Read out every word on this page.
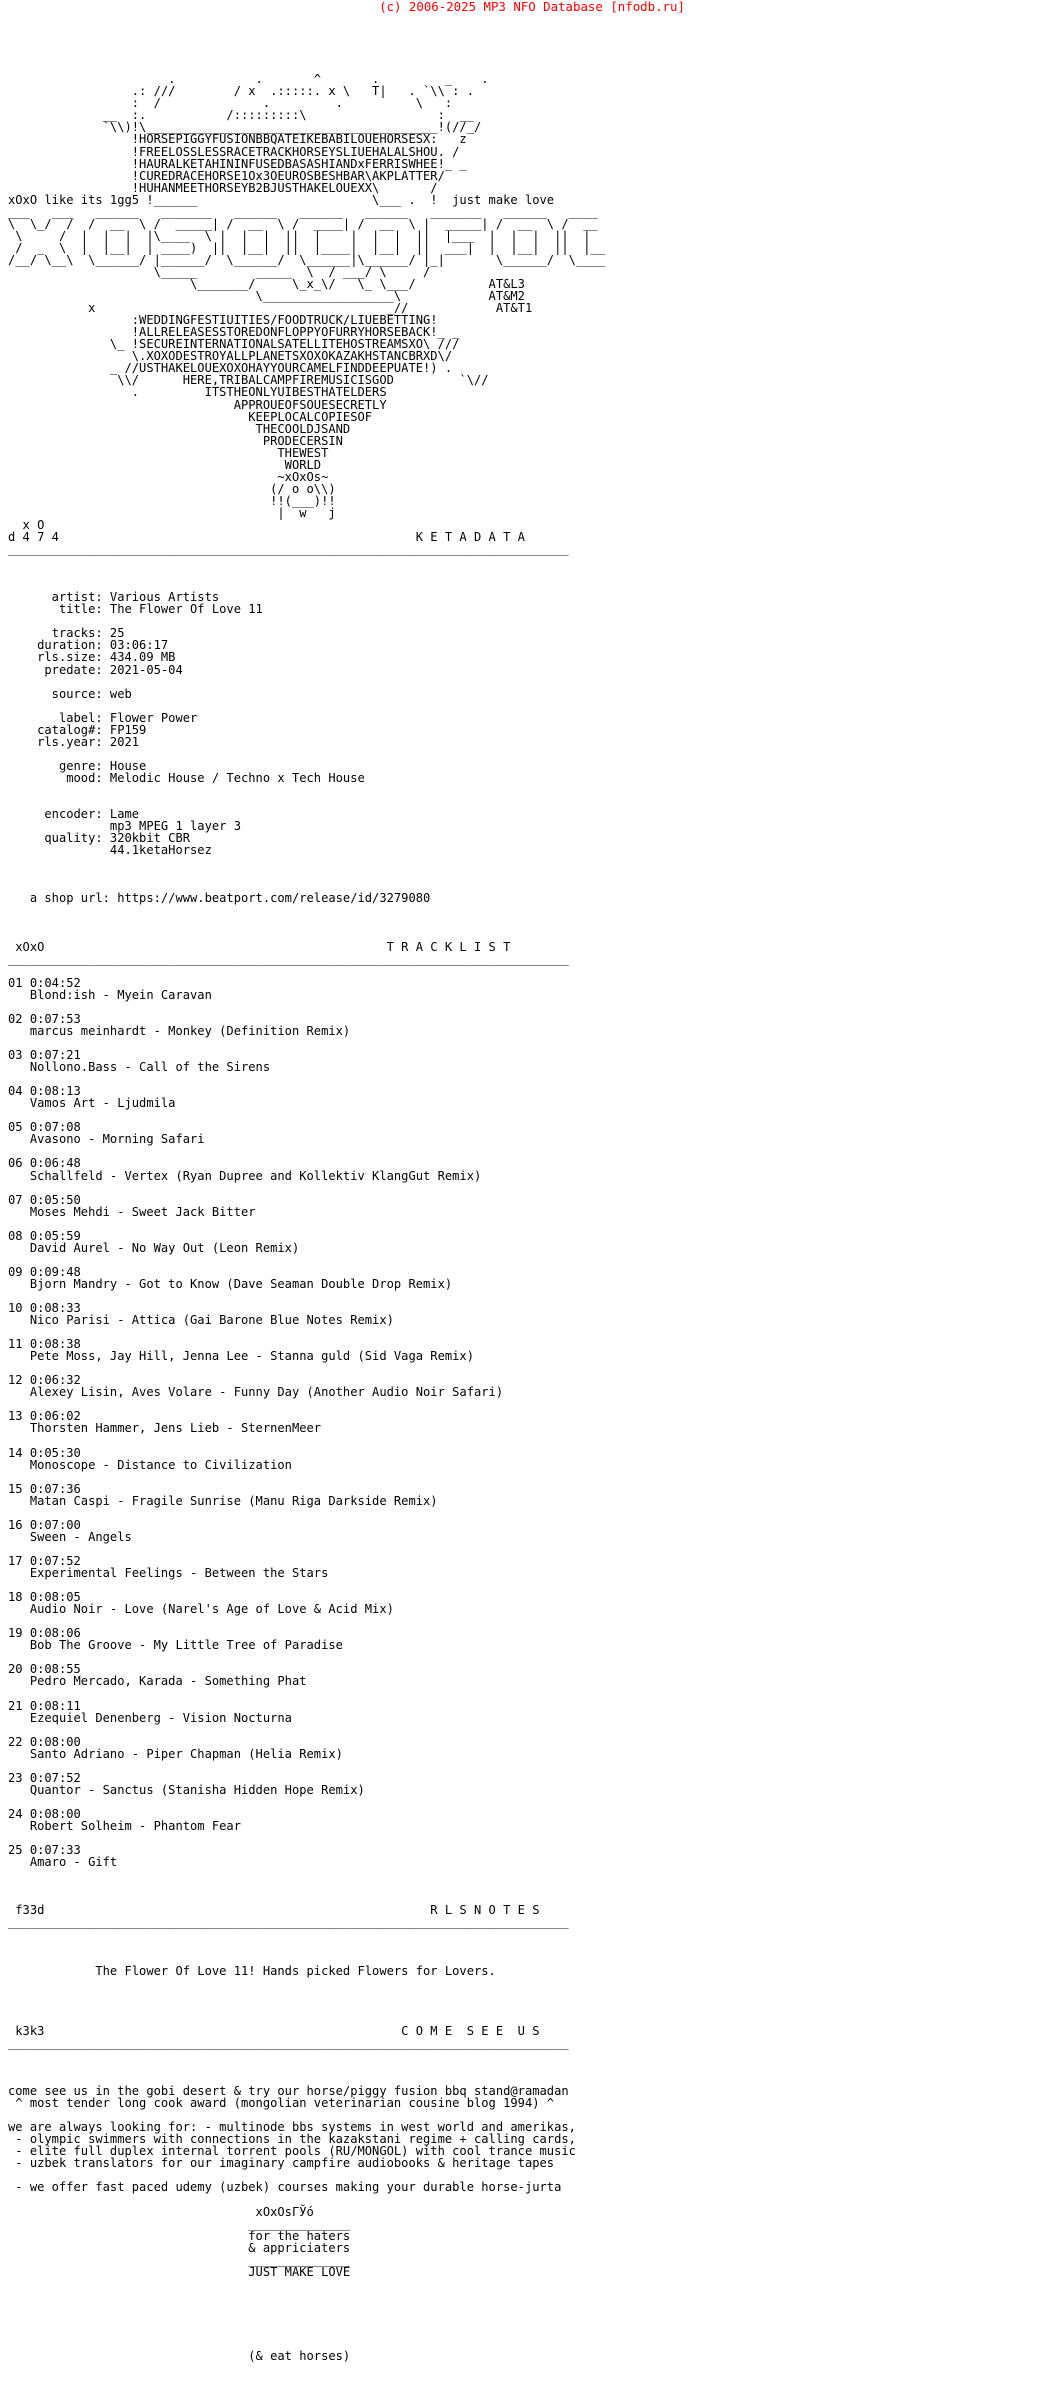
(c) 2006-2025 MP3 NFO Database [nfodb.ru]

.           .       ^       .         _    .
.: ///        / x  .:::::. x \   T|   . `\\ : .
:  /              .         .          \   :
__  :.           /:::::::::\                  :  __
`\\)!\________________________________________!(//_/
!HORSEPIGGYFUSIONBBQATEIKEBABILOUEHORSESX:   z
!FREELOSSLESSRACETRACKHORSEYSLIUEHALALSHOU. /
!HAURALKETAHININFUSEDBASASHIANDxFERRISWHEE!_ _
!CUREDRACEHORSE1Ox3OEUROSBESHBAR\AKPLATTER/
!HUHANMEETHORSEYB2BJUSTHAKELOUEXX\       /
xOxO like its 1gg5 !______                        \___ .  !  just make love
___   ___   ______   _______   ______   ______   ______   _______   ______   ____
\  \_/  /  /  __  \ /  _____| /  __  \ /  ____| /  __  \ |  _____| /  __  \ /  __
\     /  |  |  |  |\____  \ |  |  |  ||  |    |  |  |  ||  |___  |  |  |  ||  |
/  _  \  |  |__|  | ____)  ||  |__|  ||  |____|  |__|  ||  ___|  |  |__|  ||  |__
/__/ \__\  \______/ |______/  \______/  \______|\______/ |_|       \______/  \____
\_____        _____  \  / ___/ \     /
\_______/     \_x_\/   \_ \___/          AT&L3
\__________________\            AT&M2
x                                        _//            AT&T1
:WEDDINGFESTIUITIES/FOODTRUCK/LIUEBETTING!
!ALLRELEASESSTOREDONFLOPPYOFURRYHORSEBACK!_ _
\_ !SECUREINTERNATIONALSATELLITEHOSTREAMSXO\ ///
\.XOXODESTROYALLPLANETSXOXOKAZAKHSTANCBRXD\/
_ //USTHAKELOUEXOXOHAYYOURCAMELFINDDEEPUATE!) .
\\/      HERE,TRIBALCAMPFIREMUSICISGOD         `\//
.         ITSTHEONLYUIBESTHATELDERS
APPROUEOFSOUESECRETLY
KEEPLOCALCOPIESOF
THECOOLDJSAND
PRODECERSIN
THEWEST
WORLD
~xOxOs~
(/ o o\\)
!!(___)!!
|  w   j
x O
d 4 7 4                                                 K E T A D A T A
_____________________________________________________________________________

artist: Various Artists
title: The Flower Of Love 11

tracks: 25
duration: 03:06:17
rls.size: 434.09 MB
predate: 2021-05-04

source: web

label: Flower Power
catalog#: FP159
rls.year: 2021

genre: House
mood: Melodic House / Techno x Tech House

encoder: Lame
mp3 MPEG 1 layer 3
quality: 320kbit CBR
44.1ketaHorsez

a shop url: https://www.beatport.com/release/id/3279080

xOxO                                               T R A C K L I S T
_____________________________________________________________________________

01 0:04:52
Blond:ish - Myein Caravan

02 0:07:53
marcus meinhardt - Monkey (Definition Remix)

03 0:07:21
Nollono.Bass - Call of the Sirens

04 0:08:13
Vamos Art - Ljudmila

05 0:07:08
Avasono - Morning Safari

06 0:06:48
Schallfeld - Vertex (Ryan Dupree and Kollektiv KlangGut Remix)

07 0:05:50
Moses Mehdi - Sweet Jack Bitter

08 0:05:59
David Aurel - No Way Out (Leon Remix)

09 0:09:48
Bjorn Mandry - Got to Know (Dave Seaman Double Drop Remix)

10 0:08:33
Nico Parisi - Attica (Gai Barone Blue Notes Remix)

11 0:08:38
Pete Moss, Jay Hill, Jenna Lee - Stanna guld (Sid Vaga Remix)

12 0:06:32
Alexey Lisin, Aves Volare - Funny Day (Another Audio Noir Safari)

13 0:06:02
Thorsten Hammer, Jens Lieb - SternenMeer

14 0:05:30
Monoscope - Distance to Civilization

15 0:07:36
Matan Caspi - Fragile Sunrise (Manu Riga Darkside Remix)

16 0:07:00
Sween - Angels

17 0:07:52
Experimental Feelings - Between the Stars

18 0:08:05
Audio Noir - Love (Narel's Age of Love & Acid Mix)

19 0:08:06
Bob The Groove - My Little Tree of Paradise

20 0:08:55
Pedro Mercado, Karada - Something Phat

21 0:08:11
Ezequiel Denenberg - Vision Nocturna

22 0:08:00
Santo Adriano - Piper Chapman (Helia Remix)

23 0:07:52
Quantor - Sanctus (Stanisha Hidden Hope Remix)

24 0:08:00
Robert Solheim - Phantom Fear

25 0:07:33
Amaro - Gift

f33d                                                     R L S N O T E S
_____________________________________________________________________________

The Flower Of Love 11! Hands picked Flowers for Lovers.

k3k3                                                 C O M E  S E E  U S
_____________________________________________________________________________

come see us in the gobi desert & try our horse/piggy fusion bbq stand@ramadan
^ most tender long cook award (mongolian veterinarian cousine blog 1994) ^

we are always looking for: - multinode bbs systems in west world and amerikas,
- olympic swimmers with connections in the kazakstani regime + calling cards,
- elite full duplex internal torrent pools (RU/MONGOL) with cool trance music
- uzbek translators for our imaginary campfire audiobooks & heritage tapes

- we offer fast paced udemy (uzbek) courses making your durable horse-jurta

xOxOsГЎó
______________
for the haters
& appriciaters
______________
JUST MAKE LOVE

(& eat horses)
